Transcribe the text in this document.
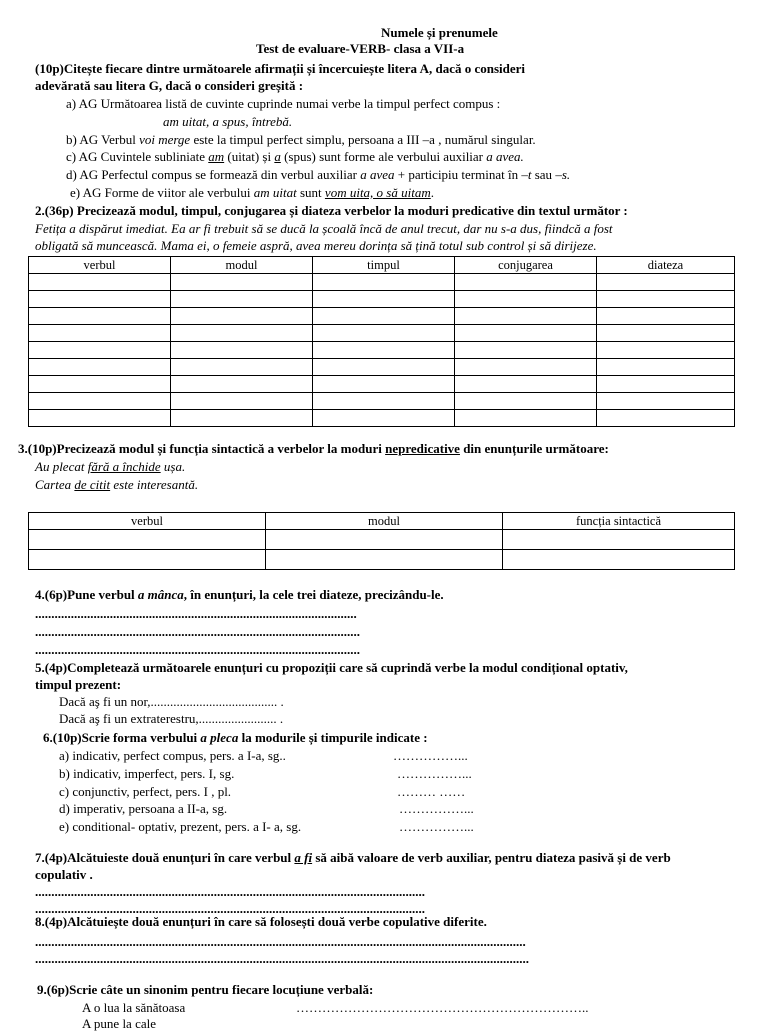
Numele și prenumele
Test de evaluare-VERB- clasa a VII-a
(10p)Citește fiecare dintre următoarele afirmații și încercuiește litera A, dacă o consideri
adevărată sau litera G, dacă o consideri greșită :
a) AG Următoarea listă de cuvinte cuprinde numai verbe la timpul perfect compus :
am uitat, a spus, întrebă.
b) AG Verbul voi merge este la timpul perfect simplu, persoana a III –a , numărul singular.
c) AG Cuvintele subliniate am (uitat) și a (spus) sunt forme ale verbului auxiliar a avea.
d) AG Perfectul compus se formează din verbul auxiliar a avea + participiu terminat în –t sau –s.
e) AG Forme de viitor ale verbului am uitat sunt vom uita, o să uitam.
2.(36p) Precizează modul, timpul, conjugarea și diateza verbelor la moduri predicative din textul următor :
Fetița a dispărut imediat. Ea ar fi trebuit să se ducă la școală încă de anul trecut, dar nu s-a dus, fiindcă a fost
obligată să muncească. Mama ei, o femeie aspră, avea mereu dorința să țină totul sub control și să dirijeze.
verbul	modul	timpul	conjugarea	diateza

3.(10p)Precizează modul și funcția sintactică a verbelor la moduri nepredicative din enunțurile următoare:
Au plecat fără a închide ușa.
Cartea de citit este interesantă.
verbul	modul	funcția sintactică

4.(6p)Pune verbul a mânca, în enunțuri, la cele trei diateze, precizându-le.
...................................................................................................
....................................................................................................
....................................................................................................
5.(4p)Completează următoarele enunțuri cu propoziții care să cuprindă verbe la modul condițional optativ,
timpul prezent:
Dacă aş fi un nor,....................................... .
Dacă aş fi un extraterestru,........................ .
6.(10p)Scrie forma verbului a pleca la modurile și timpurile indicate :
a) indicativ, perfect compus, pers. a I-a, sg..	……………...
b) indicativ, imperfect, pers. I, sg.	……………...
c) conjunctiv, perfect, pers. I , pl.	……… ……
d) imperativ, persoana a II-a, sg.	……………...
e) conditional- optativ, prezent, pers. a I- a, sg.	……………...
7.(4p)Alcătuieste două enunțuri în care verbul a fi să aibă valoare de verb auxiliar, pentru diateza pasivă și de verb
copulativ .
........................................................................................................................
........................................................................................................................
8.(4p)Alcătuiește două enunțuri în care să folosești două verbe copulative diferite.
.......................................................................................................................................................
........................................................................................................................................................
9.(6p)Scrie câte un sinonim pentru fiecare locuțiune verbală:
A o lua la sănătoasa	…………………………………………………………..
A pune la cale
